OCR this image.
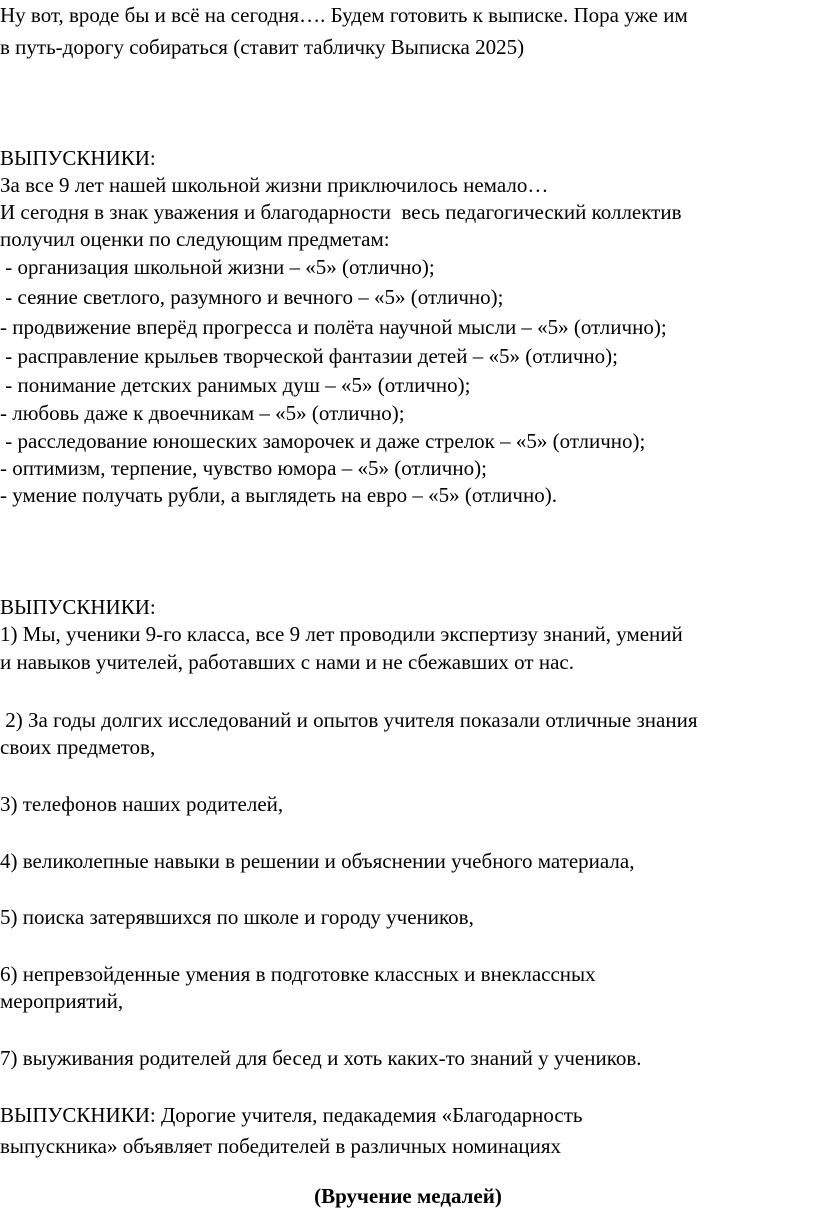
Ну вот, вроде бы и всё на сегодня…. Будем готовить к выписке. Пора уже им

в путь-дорогу собираться (ставит табличку Выписка 2025)

ВЫПУСКНИКИ:

За все 9 лет нашей школьной жизни приключилось немало…

И сегодня в знак уважения и благодарности  весь педагогический коллектив

получил оценки по следующим предметам:

- организация школьной жизни – «5» (отлично);

- сеяние светлого, разумного и вечного – «5» (отлично);

- продвижение вперёд прогресса и полёта научной мысли – «5» (отлично);

- расправление крыльев творческой фантазии детей – «5» (отлично);

- понимание детских ранимых душ – «5» (отлично);

- любовь даже к двоечникам – «5» (отлично);

- расследование юношеских заморочек и даже стрелок – «5» (отлично);

- оптимизм, терпение, чувство юмора – «5» (отлично);

- умение получать рубли, а выглядеть на евро – «5» (отлично).

ВЫПУСКНИКИ:

1) Мы, ученики 9-го класса, все 9 лет проводили экспертизу знаний, умений

и навыков учителей, работавших с нами и не сбежавших от нас.

2) За годы долгих исследований и опытов учителя показали отличные знания

своих предметов,

3) телефонов наших родителей,

4) великолепные навыки в решении и объяснении учебного материала,

5) поиска затерявшихся по школе и городу учеников,

6) непревзойденные умения в подготовке классных и внеклассных

мероприятий,

7) выуживания родителей для бесед и хоть каких-то знаний у учеников.

ВЫПУСКНИКИ: Дорогие учителя, педакадемия «Благодарность

выпускника» объявляет победителей в различных номинациях

(Вручение медалей)
